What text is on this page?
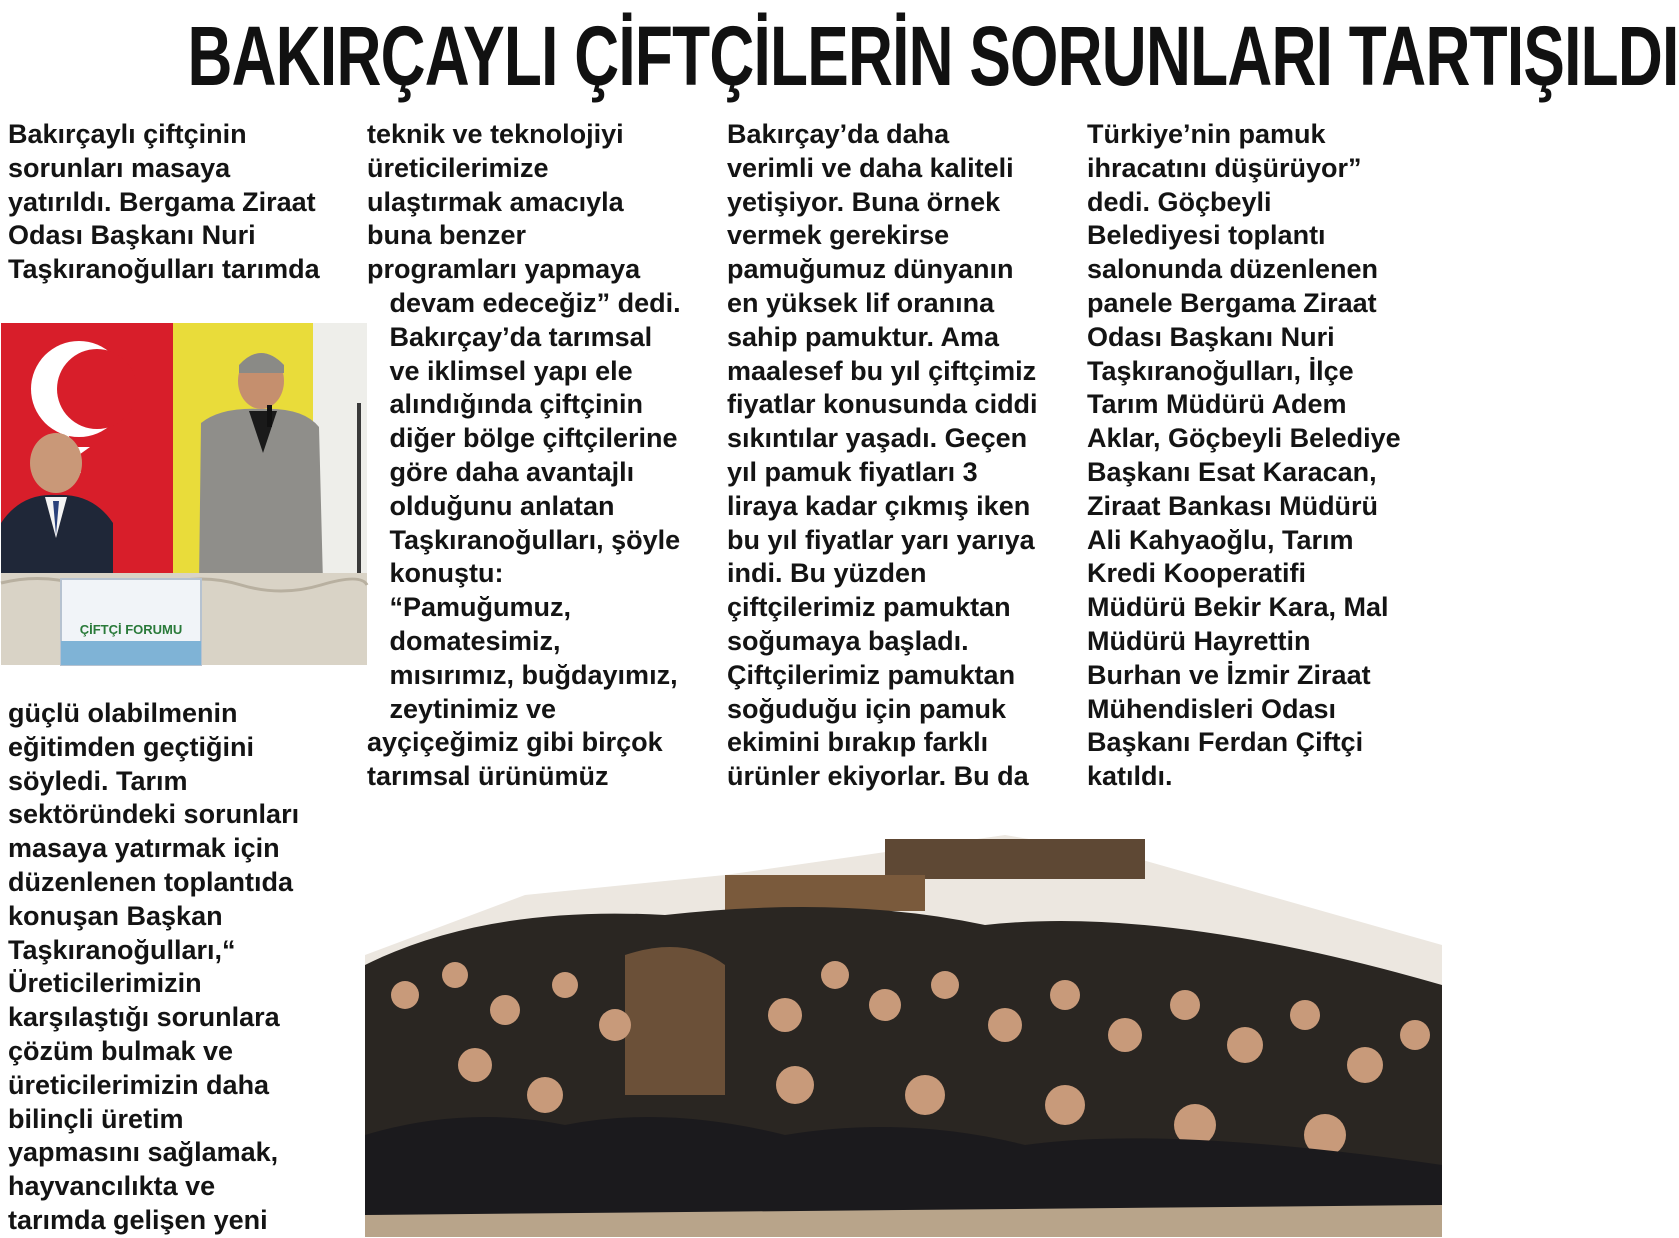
BAKIRÇAYLI ÇİFTÇİLERİN SORUNLARI TARTIŞILDI

Bakırçaylı çiftçinin
sorunları masaya
yatırıldı. Bergama Ziraat
Odası Başkanı Nuri
Taşkıranoğulları tarımda

ÇİFTÇİ FORUMU

güçlü olabilmenin
eğitimden geçtiğini
söyledi. Tarım
sektöründeki sorunları
masaya yatırmak için
düzenlenen toplantıda
konuşan Başkan
Taşkıranoğulları,“
Üreticilerimizin
karşılaştığı sorunlara
çözüm bulmak ve
üreticilerimizin daha
bilinçli üretim
yapmasını sağlamak,
hayvancılıkta ve
tarımda gelişen yeni

teknik ve teknolojiyi
üreticilerimize
ulaştırmak amacıyla
buna benzer
programları yapmaya
devam edeceğiz” dedi.
Bakırçay’da tarımsal
ve iklimsel yapı ele
alındığında çiftçinin
diğer bölge çiftçilerine
göre daha avantajlı
olduğunu anlatan
Taşkıranoğulları, şöyle
konuştu:
“Pamuğumuz,
domatesimiz,
mısırımız, buğdayımız,
zeytinimiz ve
ayçiçeğimiz gibi birçok
tarımsal ürünümüz

Bakırçay’da daha
verimli ve daha kaliteli
yetişiyor. Buna örnek
vermek gerekirse
pamuğumuz dünyanın
en yüksek lif oranına
sahip pamuktur. Ama
maalesef bu yıl çiftçimiz
fiyatlar konusunda ciddi
sıkıntılar yaşadı. Geçen
yıl pamuk fiyatları 3
liraya kadar çıkmış iken
bu yıl fiyatlar yarı yarıya
indi. Bu yüzden
çiftçilerimiz pamuktan
soğumaya başladı.
Çiftçilerimiz pamuktan
soğuduğu için pamuk
ekimini bırakıp farklı
ürünler ekiyorlar. Bu da

Türkiye’nin pamuk
ihracatını düşürüyor”
dedi. Göçbeyli
Belediyesi toplantı
salonunda düzenlenen
panele Bergama Ziraat
Odası Başkanı Nuri
Taşkıranoğulları, İlçe
Tarım Müdürü Adem
Aklar, Göçbeyli Belediye
Başkanı Esat Karacan,
Ziraat Bankası Müdürü
Ali Kahyaoğlu, Tarım
Kredi Kooperatifi
Müdürü Bekir Kara, Mal
Müdürü Hayrettin
Burhan ve İzmir Ziraat
Mühendisleri Odası
Başkanı Ferdan Çiftçi
katıldı.
